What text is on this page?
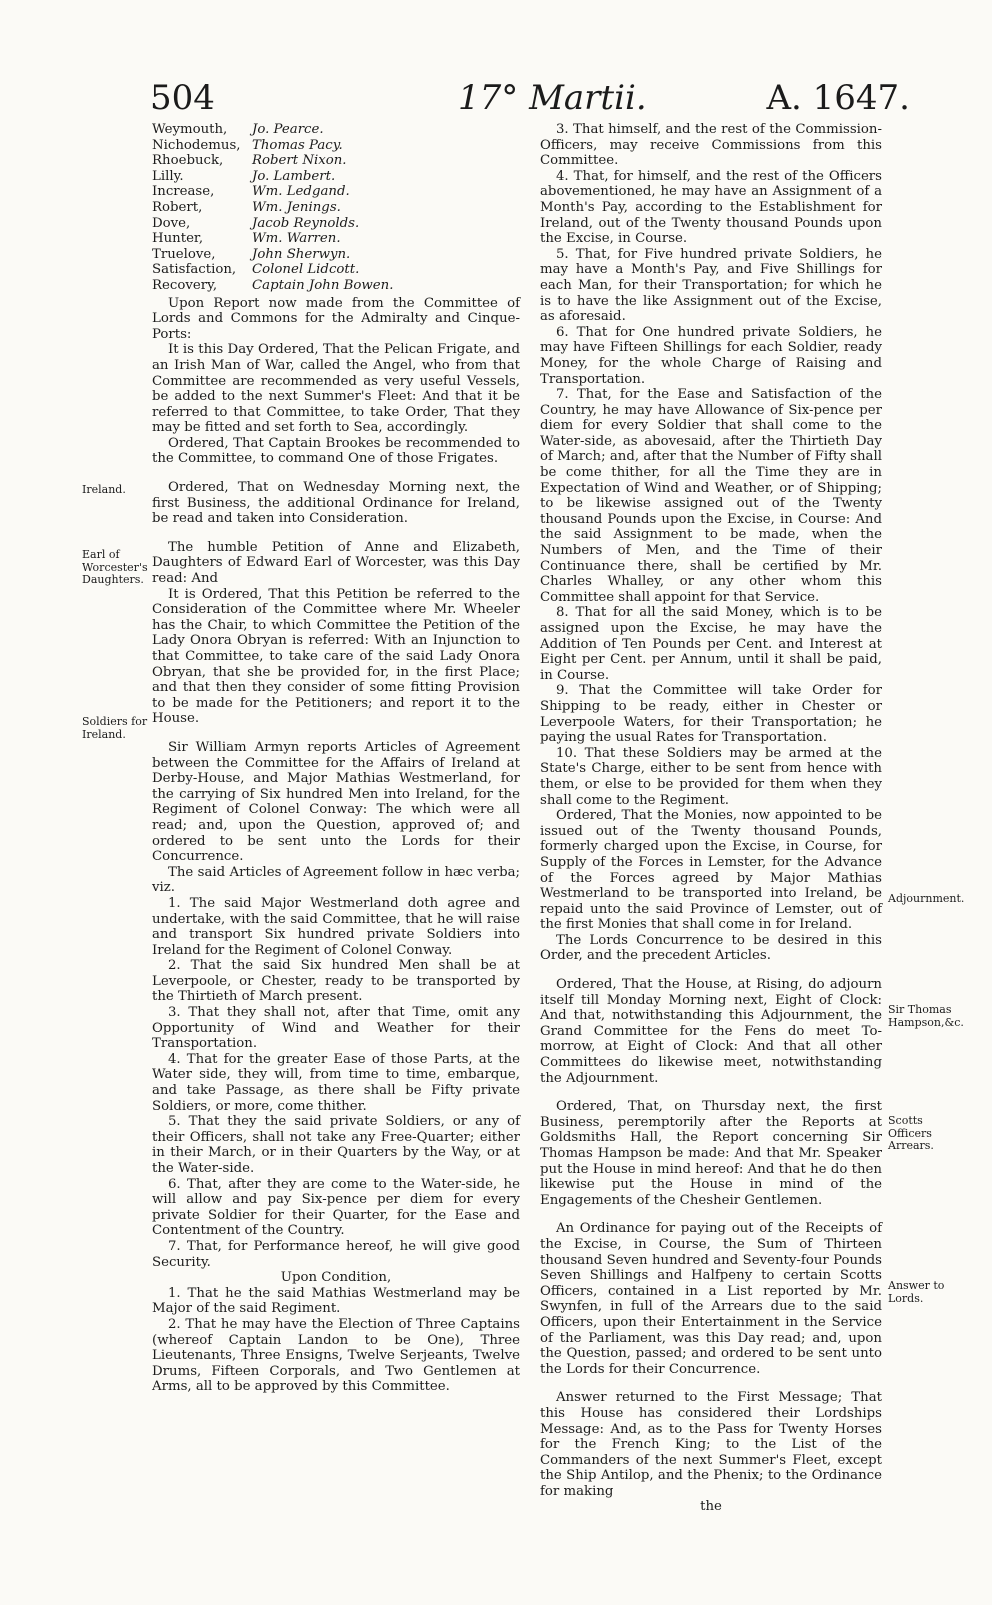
504	17° Martii.	A. 1647.
Weymouth,	Jo. Pearce.
Nichodemus, Thomas Pacy.
Rhoebuck,	Robert Nixon.
Lilly.	Jo. Lambert.
Increase,	Wm. Ledgand.
Robert,	Wm. Jenings.
Dove,	Jacob Reynolds.
Hunter,	Wm. Warren.
Truelove,	John Sherwyn.
Satisfaction,	Colonel Lidcott.
Recovery,	Captain John Bowen.

Upon Report now made from the Committee of Lords and Commons for the Admiralty and Cinque-Ports:

It is this Day Ordered, That the Pelican Frigate, and an Irish Man of War, called the Angel, who from that Committee are recommended as very useful Vessels, be added to the next Summer's Fleet: And that it be referred to that Committee, to take Order, That they may be fitted and set forth to Sea, accordingly.

Ordered, That Captain Brookes be recommended to the Committee, to command One of those Frigates.

Ordered, That on Wednesday Morning next, the first Business, the additional Ordinance for Ireland, be read and taken into Consideration.

The humble Petition of Anne and Elizabeth, Daughters of Edward Earl of Worcester, was this Day read: And

It is Ordered, That this Petition be referred to the Consideration of the Committee where Mr. Wheeler has the Chair, to which Committee the Petition of the Lady Onora Obryan is referred: With an Injunction to that Committee, to take care of the said Lady Onora Obryan, that she be provided for, in the first Place; and that then they consider of some fitting Provision to be made for the Petitioners; and report it to the House.

Sir William Armyn reports Articles of Agreement between the Committee for the Affairs of Ireland at Derby-House, and Major Mathias Westmerland, for the carrying of Six hundred Men into Ireland, for the Regiment of Colonel Conway: The which were all read; and, upon the Question, approved of; and ordered to be sent unto the Lords for their Concurrence.

The said Articles of Agreement follow in hæc verba; viz.

1. The said Major Westmerland doth agree and undertake, with the said Committee, that he will raise and transport Six hundred private Soldiers into Ireland for the Regiment of Colonel Conway.

2. That the said Six hundred Men shall be at Leverpoole, or Chester, ready to be transported by the Thirtieth of March present.

3. That they shall not, after that Time, omit any Opportunity of Wind and Weather for their Transportation.

4. That for the greater Ease of those Parts, at the Water side, they will, from time to time, embarque, and take Passage, as there shall be Fifty private Soldiers, or more, come thither.

5. That they the said private Soldiers, or any of their Officers, shall not take any Free-Quarter; either in their March, or in their Quarters by the Way, or at the Water-side.

6. That, after they are come to the Water-side, he will allow and pay Six-pence per diem for every private Soldier for their Quarter, for the Ease and Contentment of the Country.

7. That, for Performance hereof, he will give good Security.

Upon Condition,

1. That he the said Mathias Westmerland may be Major of the said Regiment.

2. That he may have the Election of Three Captains (whereof Captain Landon to be One), Three Lieutenants, Three Ensigns, Twelve Serjeants, Twelve Drums, Fifteen Corporals, and Two Gentlemen at Arms, all to be approved by this Committee.

3. That himself, and the rest of the Commission-Officers, may receive Commissions from this Committee.

4. That, for himself, and the rest of the Officers abovementioned, he may have an Assignment of a Month's Pay, according to the Establishment for Ireland, out of the Twenty thousand Pounds upon the Excise, in Course.

5. That, for Five hundred private Soldiers, he may have a Month's Pay, and Five Shillings for each Man, for their Transportation; for which he is to have the like Assignment out of the Excise, as aforesaid.

6. That for One hundred private Soldiers, he may have Fifteen Shillings for each Soldier, ready Money, for the whole Charge of Raising and Transportation.

7. That, for the Ease and Satisfaction of the Country, he may have Allowance of Six-pence per diem for every Soldier that shall come to the Water-side, as abovesaid, after the Thirtieth Day of March; and, after that the Number of Fifty shall be come thither, for all the Time they are in Expectation of Wind and Weather, or of Shipping; to be likewise assigned out of the Twenty thousand Pounds upon the Excise, in Course: And the said Assignment to be made, when the Numbers of Men, and the Time of their Continuance there, shall be certified by Mr. Charles Whalley, or any other whom this Committee shall appoint for that Service.

8. That for all the said Money, which is to be assigned upon the Excise, he may have the Addition of Ten Pounds per Cent. and Interest at Eight per Cent. per Annum, until it shall be paid, in Course.

9. That the Committee will take Order for Shipping to be ready, either in Chester or Leverpoole Waters, for their Transportation; he paying the usual Rates for Transportation.

10. That these Soldiers may be armed at the State's Charge, either to be sent from hence with them, or else to be provided for them when they shall come to the Regiment.

Ordered, That the Monies, now appointed to be issued out of the Twenty thousand Pounds, formerly charged upon the Excise, in Course, for Supply of the Forces in Lemster, for the Advance of the Forces agreed by Major Mathias Westmerland to be transported into Ireland, be repaid unto the said Province of Lemster, out of the first Monies that shall come in for Ireland.

The Lords Concurrence to be desired in this Order, and the precedent Articles.

Ordered, That the House, at Rising, do adjourn itself till Monday Morning next, Eight of Clock: And that, notwithstanding this Adjournment, the Grand Committee for the Fens do meet To-morrow, at Eight of Clock: And that all other Committees do likewise meet, notwithstanding the Adjournment.

Ordered, That, on Thursday next, the first Business, peremptorily after the Reports at Goldsmiths Hall, the Report concerning Sir Thomas Hampson be made: And that Mr. Speaker put the House in mind hereof: And that he do then likewise put the House in mind of the Engagements of the Chesheir Gentlemen.

An Ordinance for paying out of the Receipts of the Excise, in Course, the Sum of Thirteen thousand Seven hundred and Seventy-four Pounds Seven Shillings and Halfpeny to certain Scotts Officers, contained in a List reported by Mr. Swynfen, in full of the Arrears due to the said Officers, upon their Entertainment in the Service of the Parliament, was this Day read; and, upon the Question, passed; and ordered to be sent unto the Lords for their Concurrence.

Answer returned to the First Message; That this House has considered their Lordships Message: And, as to the Pass for Twenty Horses for the French King; to the List of the Commanders of the next Summer's Fleet, except the Ship Antilop, and the Phenix; to the Ordinance for making

the

Ireland.
Earl of Worcester's Daughters.
Soldiers for Ireland.
Adjournment.
Sir Thomas Hampson,&c.
Scotts Officers Arrears.
Answer to Lords.
